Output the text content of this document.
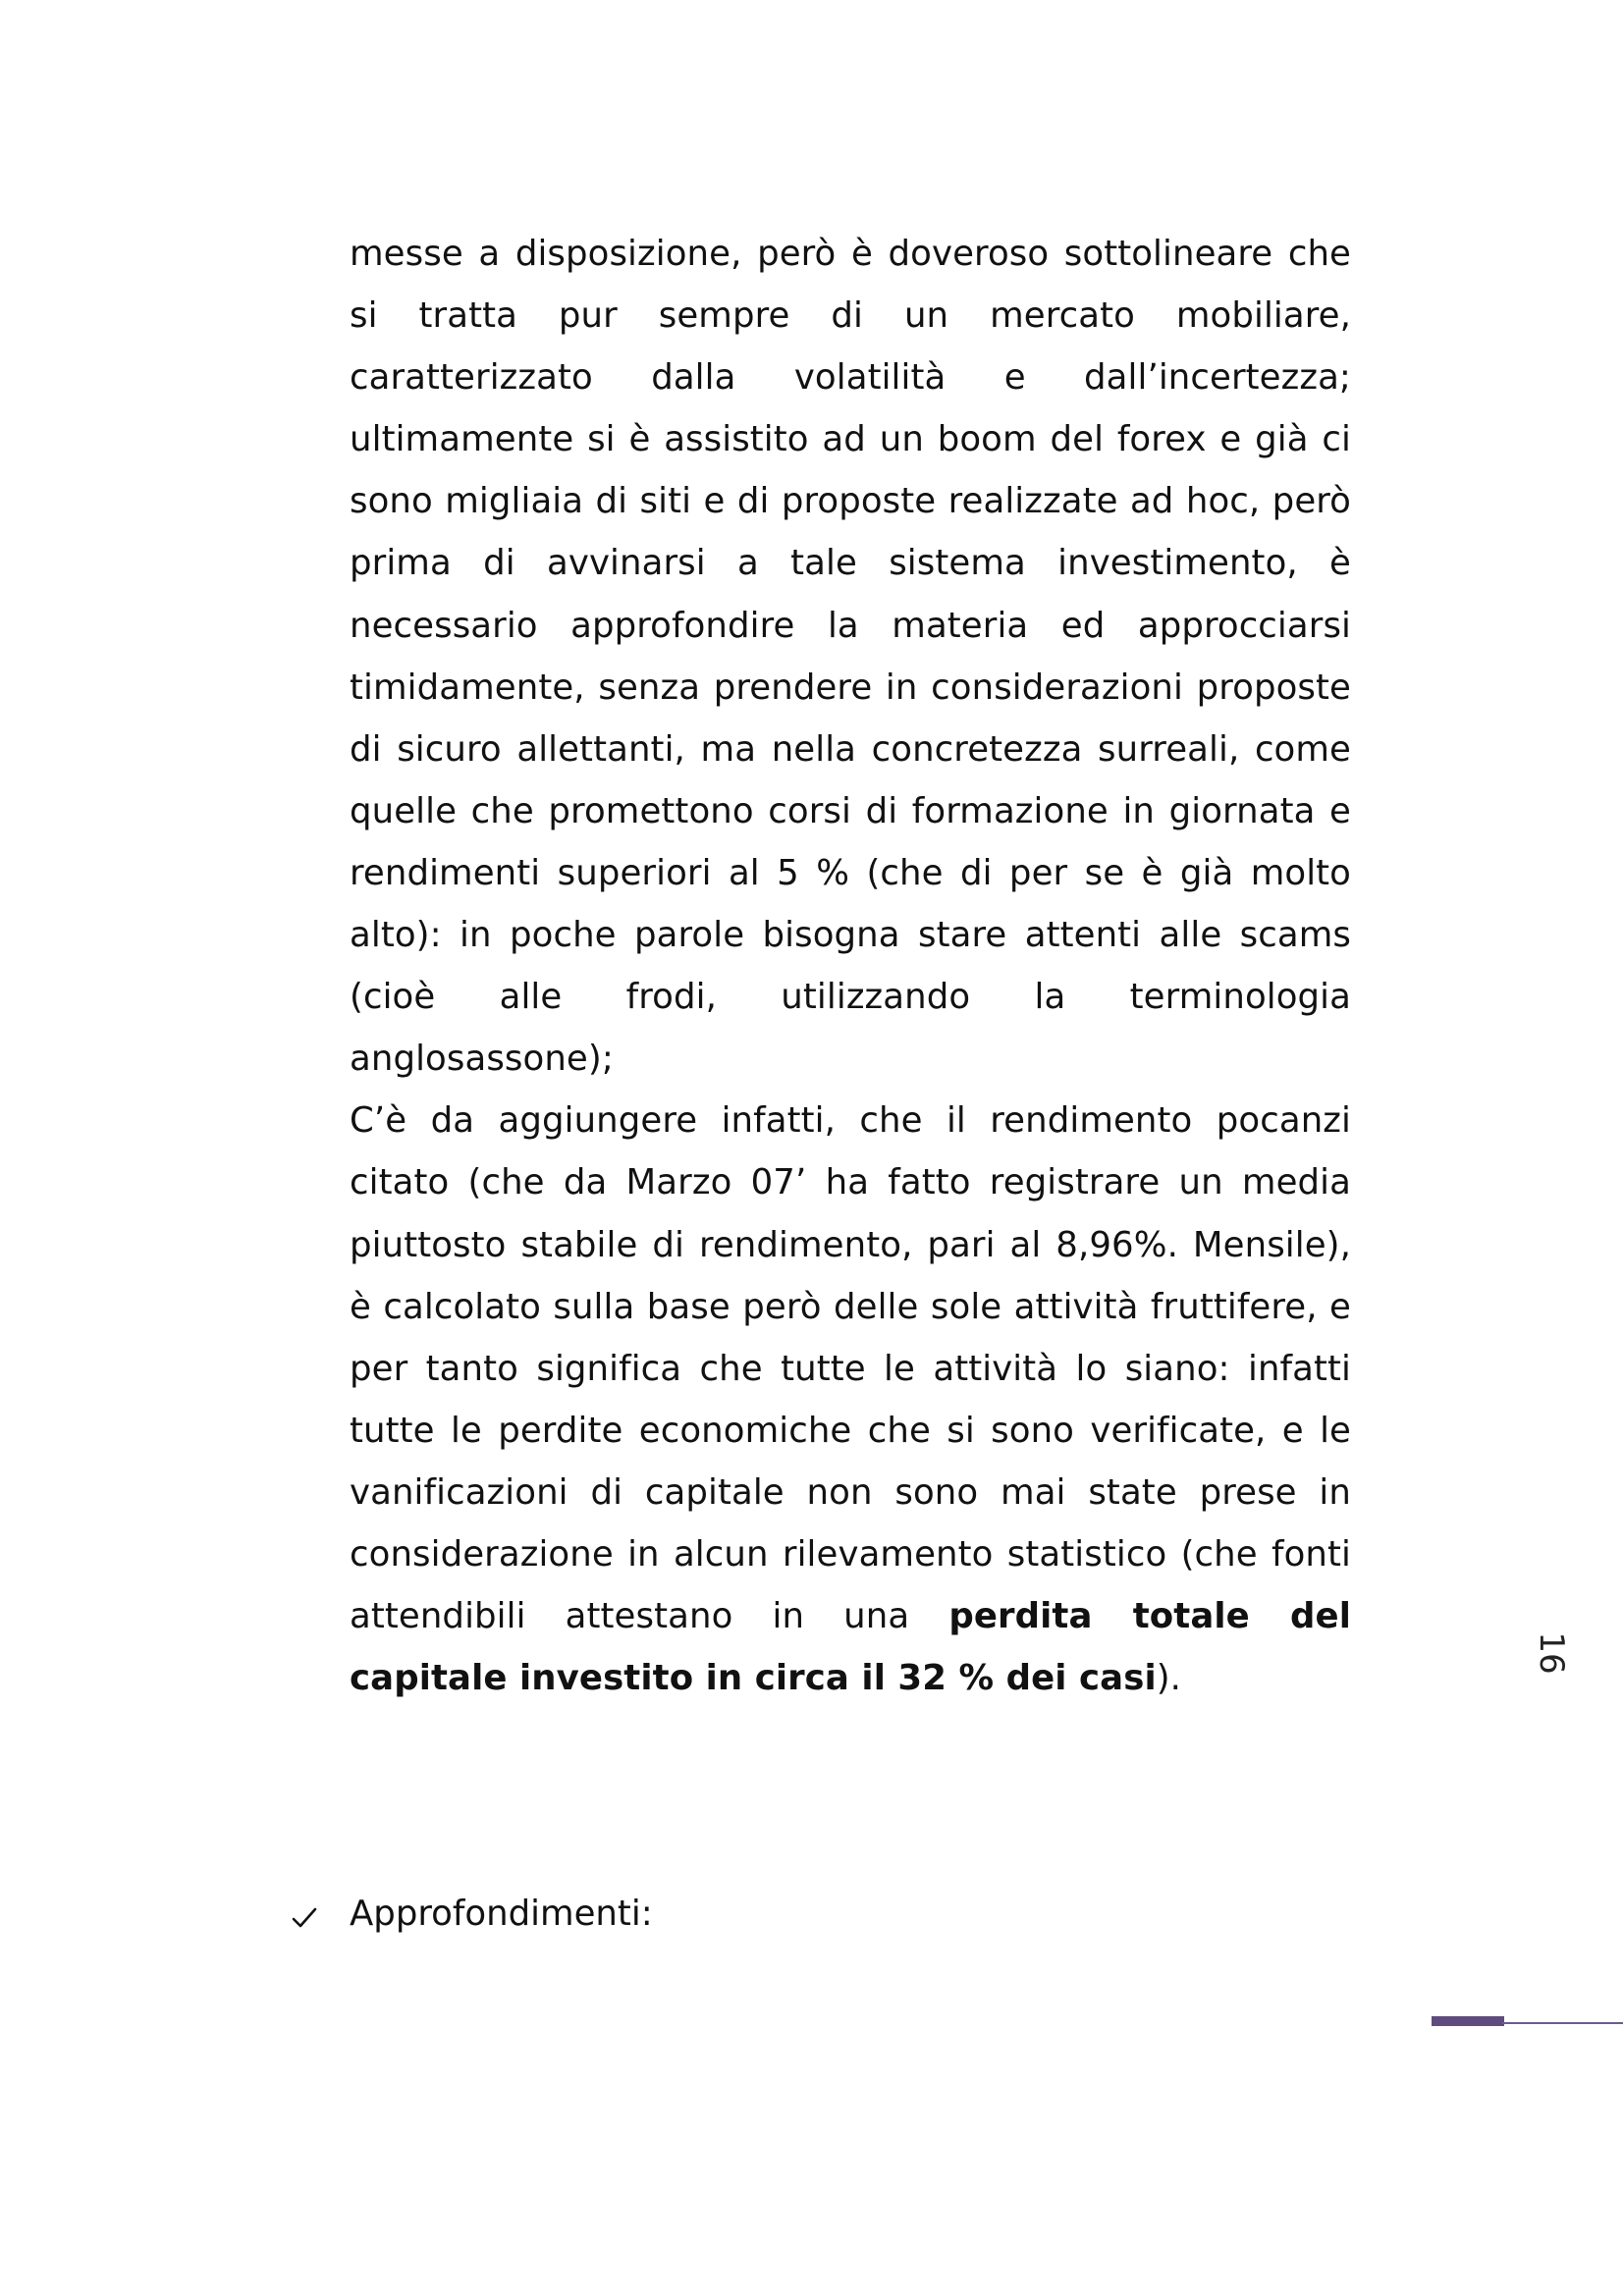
messe a disposizione, però è doveroso sottolineare che si tratta pur sempre di un mercato mobiliare, caratterizzato dalla volatilità e dall’incertezza; ultimamente si è assistito ad un boom del forex e già ci sono migliaia di siti e di proposte realizzate ad hoc, però prima di avvinarsi a tale sistema investimento, è necessario approfondire la materia ed approcciarsi timidamente, senza prendere in considerazioni proposte di sicuro allettanti, ma nella concretezza surreali, come quelle che promettono corsi di formazione in giornata e rendimenti superiori al 5 % (che di per se è già molto alto): in poche parole bisogna stare attenti alle scams (cioè alle frodi, utilizzando la terminologia anglosassone);

C’è da aggiungere infatti, che il rendimento pocanzi citato (che da Marzo 07’ ha fatto registrare un media piuttosto stabile di rendimento, pari al 8,96%. Mensile), è calcolato sulla base però delle sole attività fruttifere, e per tanto significa che tutte le attività lo siano: infatti tutte le perdite economiche che si sono verificate, e le vanificazioni di capitale non sono mai state prese in considerazione in alcun rilevamento statistico (che fonti attendibili attestano in una perdita totale del capitale investito in circa il 32 % dei casi).

16
Approfondimenti:
